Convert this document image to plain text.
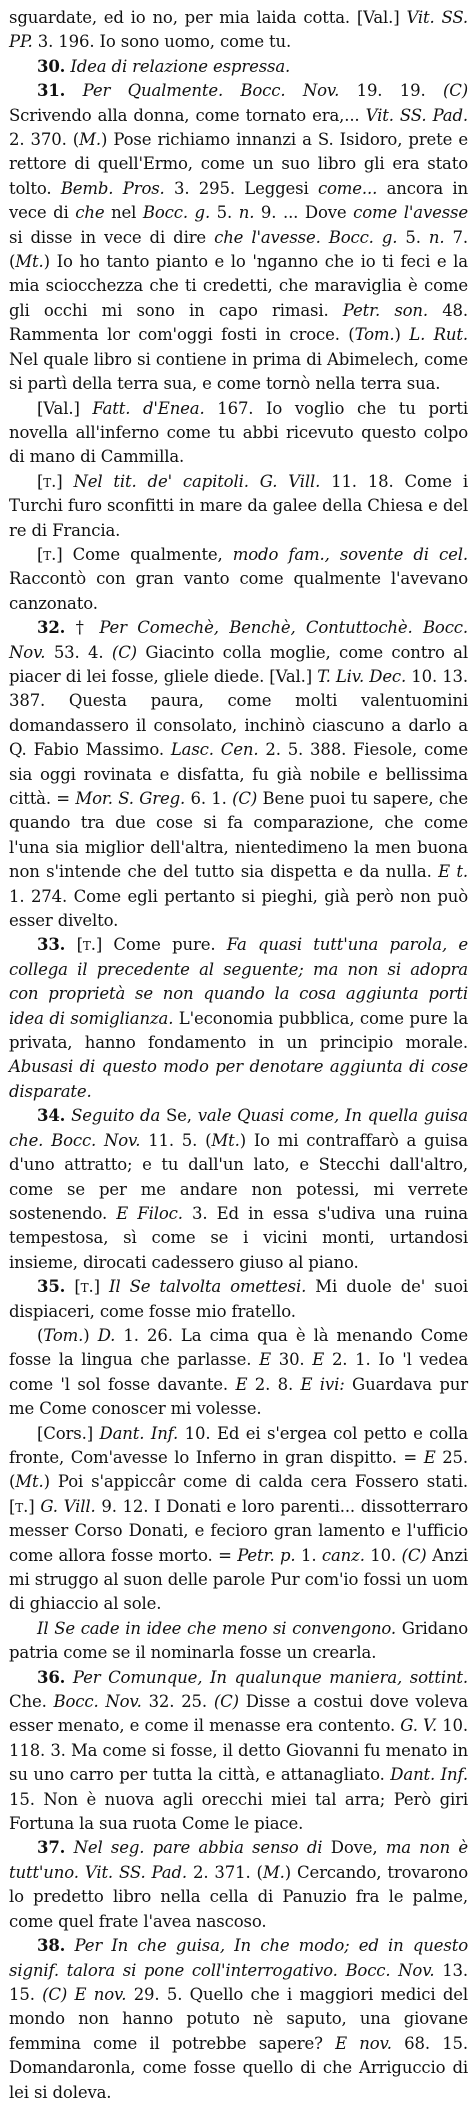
sguardate, ed io no, per mia laida cotta. [Val.] Vit. SS. PP. 3. 196. Io sono uomo, come tu.

30. Idea di relazione espressa.

31. Per Qualmente. Bocc. Nov. 19. 19. (C) Scrivendo alla donna, come tornato era,... Vit. SS. Pad. 2. 370. (M.) Pose richiamo innanzi a S. Isidoro, prete e rettore di quell'Ermo, come un suo libro gli era stato tolto. Bemb. Pros. 3. 295. Leggesi come... ancora in vece di che nel Bocc. g. 5. n. 9. ... Dove come l'avesse si disse in vece di dire che l'avesse. Bocc. g. 5. n. 7. (Mt.) Io ho tanto pianto e lo 'nganno che io ti feci e la mia sciocchezza che ti credetti, che maraviglia è come gli occhi mi sono in capo rimasi. Petr. son. 48. Rammenta lor com'oggi fosti in croce. (Tom.) L. Rut. Nel quale libro si contiene in prima di Abimelech, come si partì della terra sua, e come tornò nella terra sua.

[Val.] Fatt. d'Enea. 167. Io voglio che tu porti novella all'inferno come tu abbi ricevuto questo colpo di mano di Cammilla.

[t.] Nel tit. de' capitoli. G. Vill. 11. 18. Come i Turchi furo sconfitti in mare da galee della Chiesa e del re di Francia.

[t.] Come qualmente, modo fam., sovente di cel. Raccontò con gran vanto come qualmente l'avevano canzonato.

32. † Per Comechè, Benchè, Contuttochè. Bocc. Nov. 53. 4. (C) Giacinto colla moglie, come contro al piacer di lei fosse, gliele diede. [Val.] T. Liv. Dec. 10. 13. 387. Questa paura, come molti valentuomini domandassero il consolato, inchinò ciascuno a darlo a Q. Fabio Massimo. Lasc. Cen. 2. 5. 388. Fiesole, come sia oggi rovinata e disfatta, fu già nobile e bellissima città. = Mor. S. Greg. 6. 1. (C) Bene puoi tu sapere, che quando tra due cose si fa comparazione, che come l'una sia miglior dell'altra, nientedimeno la men buona non s'intende che del tutto sia dispetta e da nulla. E t. 1. 274. Come egli pertanto si pieghi, già però non può esser divelto.

33. [t.] Come pure. Fa quasi tutt'una parola, e collega il precedente al seguente; ma non si adopra con proprietà se non quando la cosa aggiunta porti idea di somiglianza. L'economia pubblica, come pure la privata, hanno fondamento in un principio morale. Abusasi di questo modo per denotare aggiunta di cose disparate.

34. Seguito da Se, vale Quasi come, In quella guisa che. Bocc. Nov. 11. 5. (Mt.) Io mi contraffarò a guisa d'uno attratto; e tu dall'un lato, e Stecchi dall'altro, come se per me andare non potessi, mi verrete sostenendo. E Filoc. 3. Ed in essa s'udiva una ruina tempestosa, sì come se i vicini monti, urtandosi insieme, dirocati cadessero giuso al piano.

35. [t.] Il Se talvolta omettesi. Mi duole de' suoi dispiaceri, come fosse mio fratello.

(Tom.) D. 1. 26. La cima qua è là menando Come fosse la lingua che parlasse. E 30. E 2. 1. Io 'l vedea come 'l sol fosse davante. E 2. 8. E ivi: Guardava pur me Come conoscer mi volesse.

[Cors.] Dant. Inf. 10. Ed ei s'ergea col petto e colla fronte, Com'avesse lo Inferno in gran dispitto. = E 25. (Mt.) Poi s'appiccâr come di calda cera Fossero stati. [t.] G. Vill. 9. 12. I Donati e loro parenti... dissotterraro messer Corso Donati, e fecioro gran lamento e l'ufficio come allora fosse morto. = Petr. p. 1. canz. 10. (C) Anzi mi struggo al suon delle parole Pur com'io fossi un uom di ghiaccio al sole.

Il Se cade in idee che meno si convengono. Gridano patria come se il nominarla fosse un crearla.

36. Per Comunque, In qualunque maniera, sottint. Che. Bocc. Nov. 32. 25. (C) Disse a costui dove voleva esser menato, e come il menasse era contento. G. V. 10. 118. 3. Ma come si fosse, il detto Giovanni fu menato in su uno carro per tutta la città, e attanagliato. Dant. Inf. 15. Non è nuova agli orecchi miei tal arra; Però giri Fortuna la sua ruota Come le piace.

37. Nel seg. pare abbia senso di Dove, ma non è tutt'uno. Vit. SS. Pad. 2. 371. (M.) Cercando, trovarono lo predetto libro nella cella di Panuzio fra le palme, come quel frate l'avea nascoso.

38. Per In che guisa, In che modo; ed in questo signif. talora si pone coll'interrogativo. Bocc. Nov. 13. 15. (C) E nov. 29. 5. Quello che i maggiori medici del mondo non hanno potuto nè saputo, una giovane femmina come il potrebbe sapere? E nov. 68. 15. Domandaronla, come fosse quello di che Arriguccio di lei si doleva.
